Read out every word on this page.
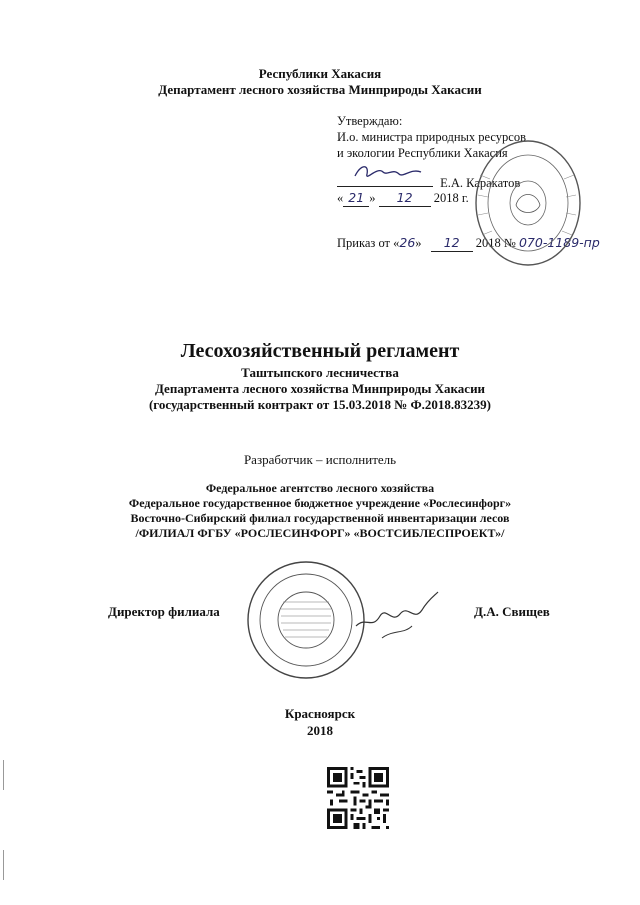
Республики Хакасия
Департамент лесного хозяйства Минприроды Хакасии
Утверждаю:
И.о. министра природных ресурсов
и экологии Республики Хакасия
Е.А. Каракатов
« 21 » 12 2018 г.
Приказ от «26» 12 2018 № 070-1189-пр
Лесохозяйственный регламент
Таштыпского лесничества
Департамента лесного хозяйства Минприроды Хакасии
(государственный контракт от 15.03.2018 № Ф.2018.83239)
Разработчик – исполнитель
Федеральное агентство лесного хозяйства
Федеральное государственное бюджетное учреждение «Рослесинфорг»
Восточно-Сибирский филиал государственной инвентаризации лесов
/ФИЛИАЛ ФГБУ «РОСЛЕСИНФОРГ» «ВОСТСИБЛЕСПРОЕКТ»/
Директор филиала	Д.А. Свищев
Красноярск
2018
